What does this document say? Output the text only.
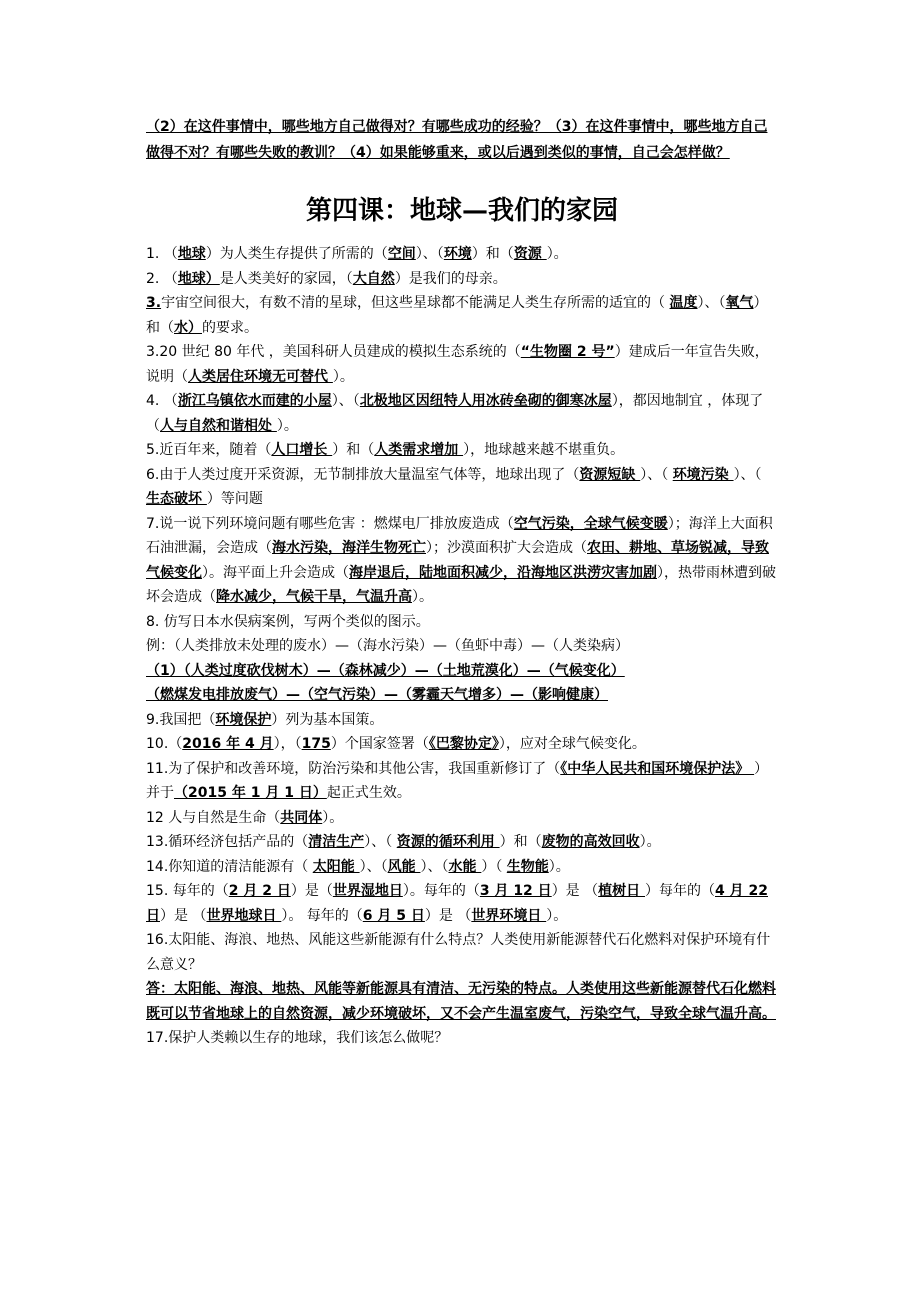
（2）在这件事情中，哪些地方自己做得对？有哪些成功的经验？（3）在这件事情中，哪些地方自己做得不对？有哪些失败的教训？（4）如果能够重来，或以后遇到类似的事情，自己会怎样做？

第四课：地球—我们的家园

1. （地球）为人类生存提供了所需的（空间）、（环境）和（资源 ）。

2. （地球）是人类美好的家园，（大自然）是我们的母亲。

3.宇宙空间很大，有数不清的星球，但这些星球都不能满足人类生存所需的适宜的（ 温度）、（氧气）和（水）的要求。

3.20 世纪 80 年代 ，美国科研人员建成的模拟生态系统的（“生物圈 2 号”）建成后一年宣告失败，说明（人类居住环境无可替代 ）。

4. （浙江乌镇依水而建的小屋）、（北极地区因纽特人用冰砖垒砌的御寒冰屋），都因地制宜 ，体现了（人与自然和谐相处 ）。

5.近百年来，随着（人口增长 ）和（人类需求增加 ），地球越来越不堪重负。

6.由于人类过度开采资源，无节制排放大量温室气体等，地球出现了（资源短缺 ）、（ 环境污染 ）、（ 生态破坏 ）等问题

7.说一说下列环境问题有哪些危害 ：燃煤电厂排放废造成（空气污染，全球气候变暖）；海洋上大面积石油泄漏，会造成（海水污染，海洋生物死亡）；沙漠面积扩大会造成（农田、耕地、草场锐减，导致气候变化）。海平面上升会造成（海岸退后，陆地面积减少，沿海地区洪涝灾害加剧），热带雨林遭到破坏会造成（降水减少，气候干旱，气温升高）。

8. 仿写日本水俣病案例，写两个类似的图示。

例：（人类排放未处理的废水）—（海水污染）—（鱼虾中毒）—（人类染病）

（1）（人类过度砍伐树木）—（森林减少）—（土地荒漠化）—（气候变化）

（燃煤发电排放废气）—（空气污染）—（雾霾天气增多）—（影响健康）

9.我国把（环境保护）列为基本国策。

10.（2016 年 4 月），（175）个国家签署（《巴黎协定》），应对全球气候变化。

11.为了保护和改善环境，防治污染和其他公害，我国重新修订了（《中华人民共和国环境保护法》 ）并于（2015 年 1 月 1 日）起正式生效。

12 人与自然是生命（共同体）。

13.循环经济包括产品的（清洁生产）、（ 资源的循环利用 ）和（废物的高效回收）。

14.你知道的清洁能源有（ 太阳能 ）、（风能 ）、（水能 ）（ 生物能）。

15. 每年的（2 月 2 日）是（世界湿地日）。每年的（3 月 12 日）是 （植树日 ）每年的（4 月 22 日）是 （世界地球日 ）。 每年的（6 月 5 日）是 （世界环境日 ）。

16.太阳能、海浪、地热、风能这些新能源有什么特点？人类使用新能源替代石化燃料对保护环境有什么意义？

答：太阳能、海浪、地热、风能等新能源具有清洁、无污染的特点。人类使用这些新能源替代石化燃料既可以节省地球上的自然资源，减少环境破坏，又不会产生温室废气，污染空气，导致全球气温升高。

17.保护人类赖以生存的地球，我们该怎么做呢？
